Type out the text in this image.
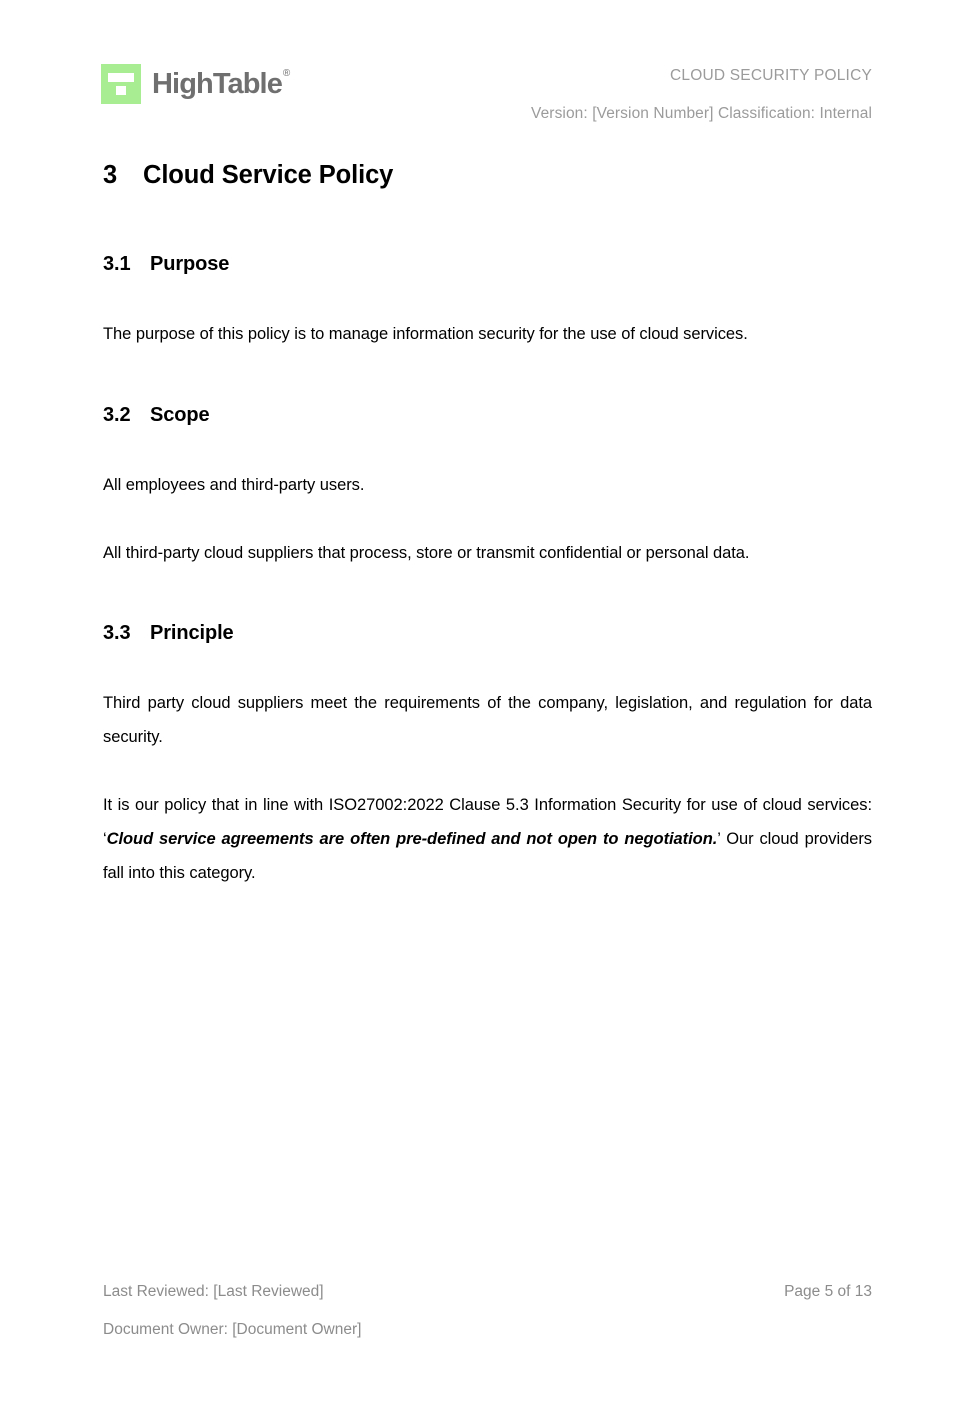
HighTable®	CLOUD SECURITY POLICY
Version: [Version Number] Classification: Internal
3 Cloud Service Policy
3.1 Purpose

The purpose of this policy is to manage information security for the use of cloud services.

3.2 Scope

All employees and third-party users.

All third-party cloud suppliers that process, store or transmit confidential or personal data.

3.3 Principle

Third party cloud suppliers meet the requirements of the company, legislation, and regulation for data security.

It is our policy that in line with ISO27002:2022 Clause 5.3 Information Security for use of cloud services: ‘Cloud service agreements are often pre-defined and not open to negotiation.’ Our cloud providers fall into this category.

Last Reviewed: [Last Reviewed]	Page 5 of 13
Document Owner: [Document Owner]
